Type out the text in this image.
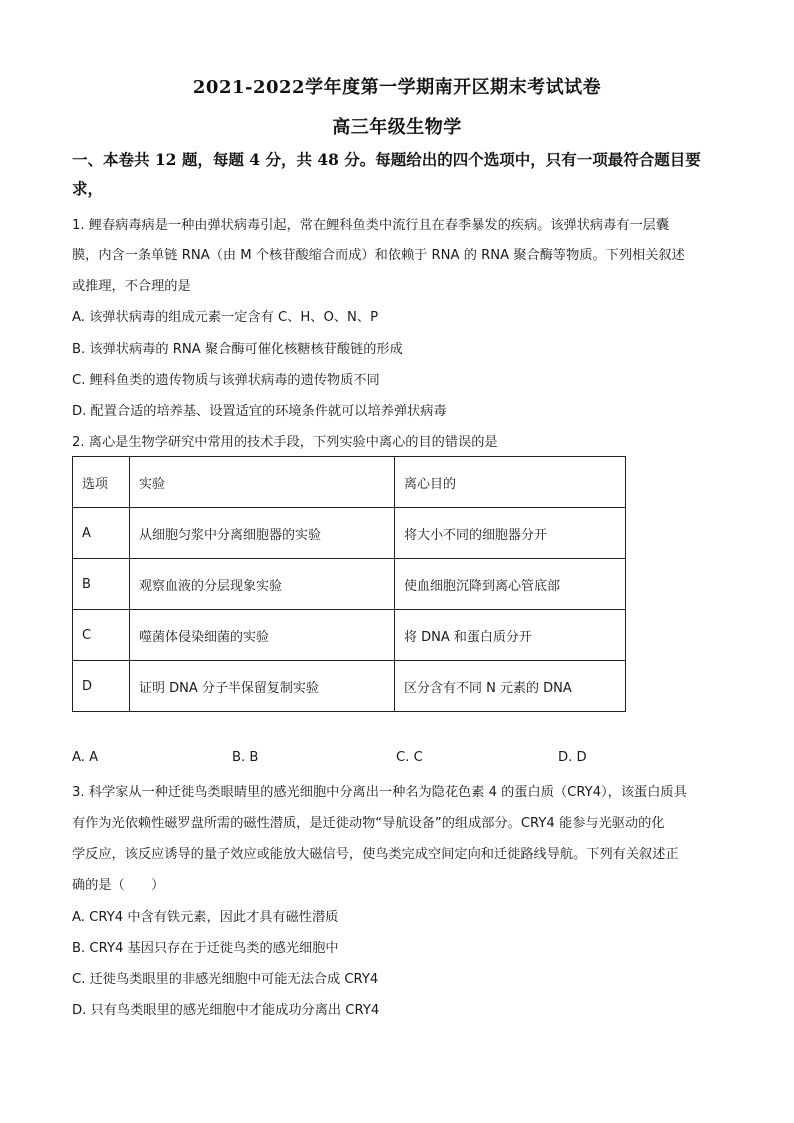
2021-2022学年度第一学期南开区期末考试试卷
高三年级生物学
一、本卷共 12 题，每题 4 分，共 48 分。每题给出的四个选项中，只有一项最符合题目要
求，
1. 鲤春病毒病是一种由弹状病毒引起，常在鲤科鱼类中流行且在春季暴发的疾病。该弹状病毒有一层囊
膜，内含一条单链 RNA（由 M 个核苷酸缩合而成）和依赖于 RNA 的 RNA 聚合酶等物质。下列相关叙述
或推理，不合理的是
A. 该弹状病毒的组成元素一定含有 C、H、O、N、P
B. 该弹状病毒的 RNA 聚合酶可催化核糖核苷酸链的形成
C. 鲤科鱼类的遗传物质与该弹状病毒的遗传物质不同
D. 配置合适的培养基、设置适宜的环境条件就可以培养弹状病毒
2. 离心是生物学研究中常用的技术手段，下列实验中离心的目的错误的是
选项	实验	离心目的
A	从细胞匀浆中分离细胞器的实验	将大小不同的细胞器分开
B	观察血液的分层现象实验	使血细胞沉降到离心管底部
C	噬菌体侵染细菌的实验	将 DNA 和蛋白质分开
D	证明 DNA 分子半保留复制实验	区分含有不同 N 元素的 DNA
A. A	B. B	C. C	D. D
3. 科学家从一种迁徙鸟类眼睛里的感光细胞中分离出一种名为隐花色素 4 的蛋白质（CRY4），该蛋白质具
有作为光依赖性磁罗盘所需的磁性潜质，是迁徙动物“导航设备”的组成部分。CRY4 能参与光驱动的化
学反应，该反应诱导的量子效应或能放大磁信号，使鸟类完成空间定向和迁徙路线导航。下列有关叙述正
确的是（　　）
A. CRY4 中含有铁元素，因此才具有磁性潜质
B. CRY4 基因只存在于迁徙鸟类的感光细胞中
C. 迁徙鸟类眼里的非感光细胞中可能无法合成 CRY4
D. 只有鸟类眼里的感光细胞中才能成功分离出 CRY4
